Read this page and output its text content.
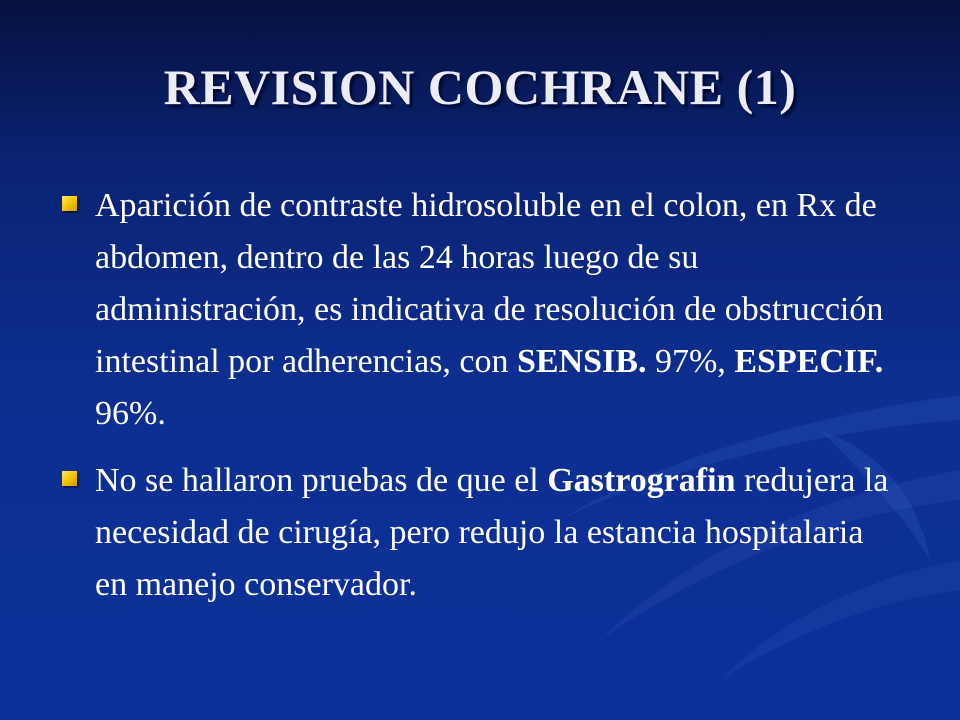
REVISION COCHRANE (1)
Aparición de contraste hidrosoluble en el colon, en Rx de abdomen, dentro de las 24 horas luego de su administración, es indicativa de resolución de obstrucción intestinal por adherencias, con SENSIB. 97%, ESPECIF. 96%.
No se hallaron pruebas de que el Gastrografin redujera la necesidad de cirugía, pero redujo la estancia hospitalaria en manejo conservador.
